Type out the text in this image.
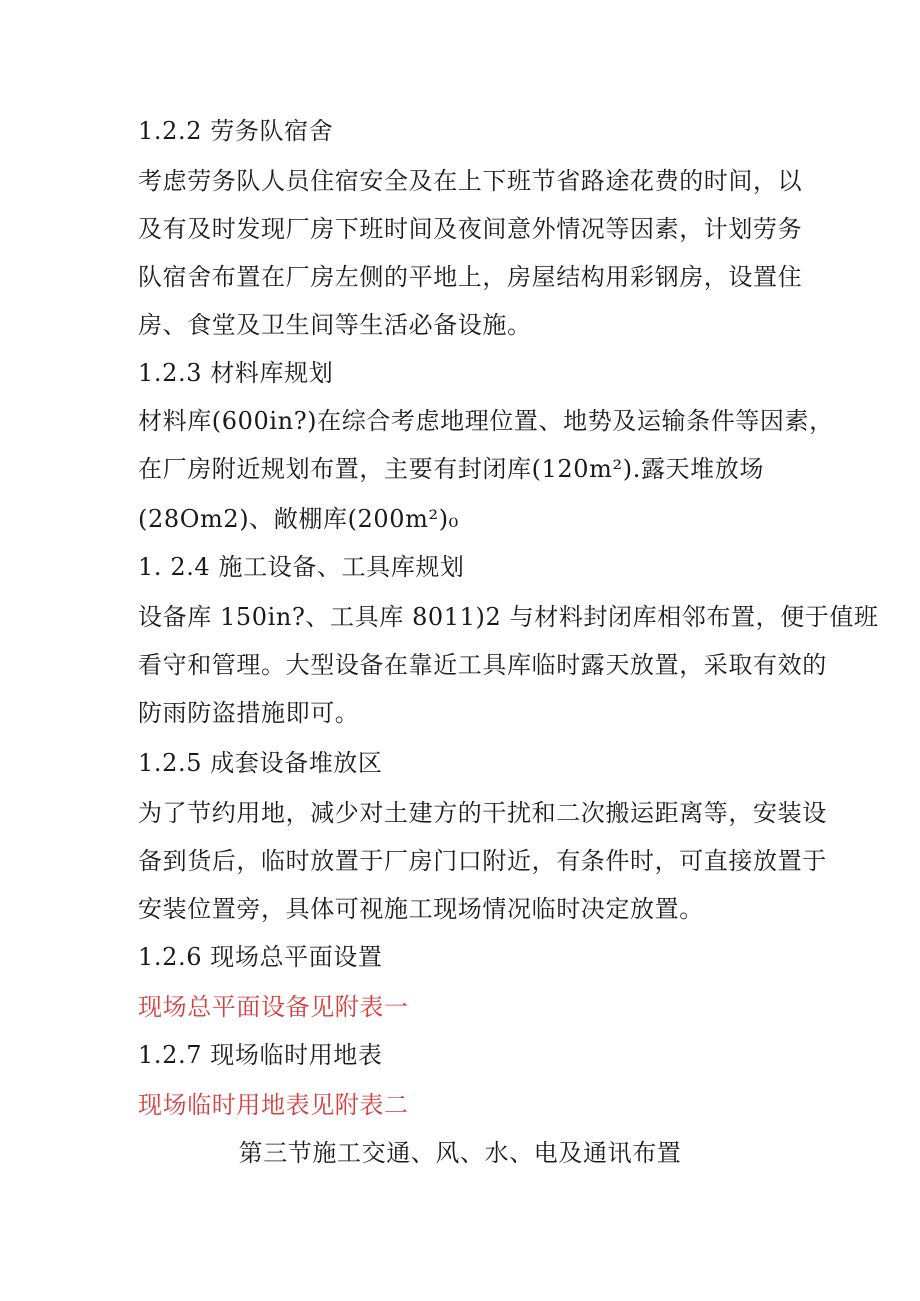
1.2.2 劳务队宿舍
考虑劳务队人员住宿安全及在上下班节省路途花费的时间，以
及有及时发现厂房下班时间及夜间意外情况等因素，计划劳务
队宿舍布置在厂房左侧的平地上，房屋结构用彩钢房，设置住
房、食堂及卫生间等生活必备设施。
1.2.3 材料库规划
材料库(600in?)在综合考虑地理位置、地势及运输条件等因素，
在厂房附近规划布置，主要有封闭库(120m²).露天堆放场
(28Om2)、敞棚库(200m²)₀
1. 2.4 施工设备、工具库规划
设备库 150in?、工具库 8011)2 与材料封闭库相邻布置，便于值班
看守和管理。大型设备在靠近工具库临时露天放置，采取有效的
防雨防盗措施即可。
1.2.5 成套设备堆放区
为了节约用地，减少对土建方的干扰和二次搬运距离等，安装设
备到货后，临时放置于厂房门口附近，有条件时，可直接放置于
安装位置旁，具体可视施工现场情况临时决定放置。
1.2.6 现场总平面设置
现场总平面设备见附表一
1.2.7 现场临时用地表
现场临时用地表见附表二
第三节施工交通、风、水、电及通讯布置
